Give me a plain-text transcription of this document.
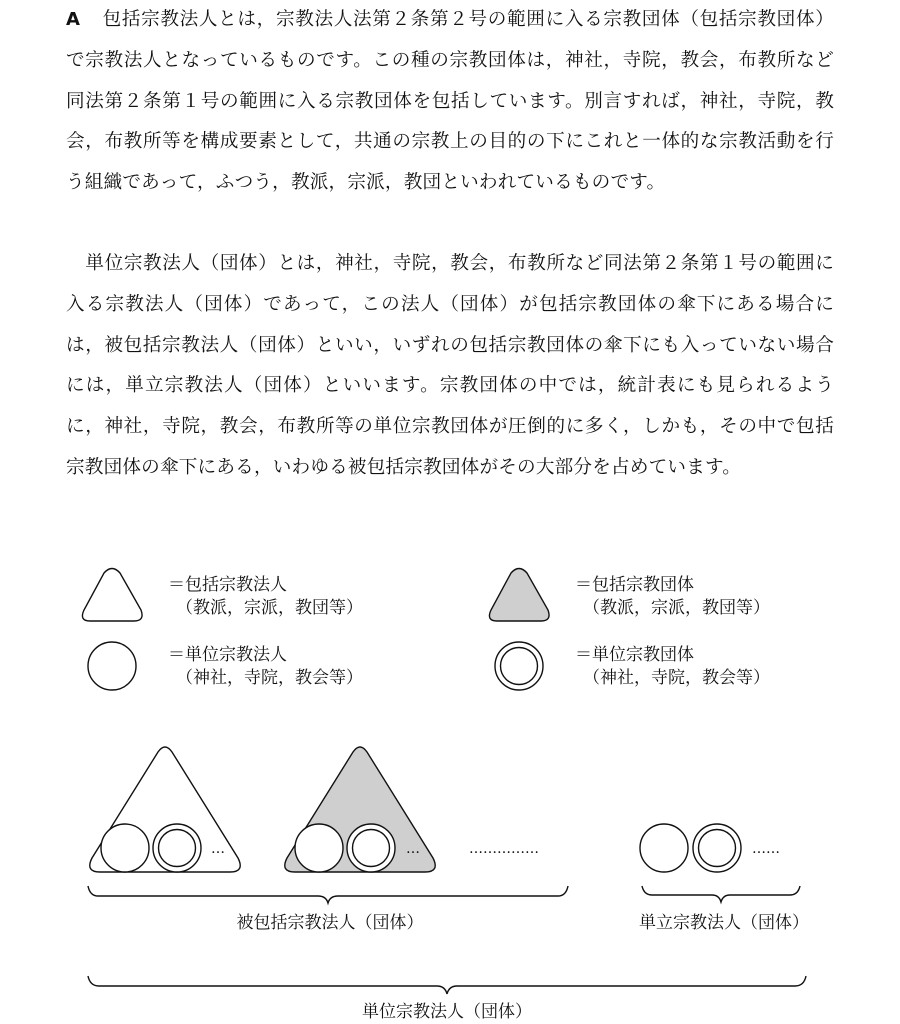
A 包括宗教法人とは，宗教法人法第２条第２号の範囲に入る宗教団体（包括宗教団体）で宗教法人となっているものです。この種の宗教団体は，神社，寺院，教会，布教所など同法第２条第１号の範囲に入る宗教団体を包括しています。別言すれば，神社，寺院，教会，布教所等を構成要素として，共通の宗教上の目的の下にこれと一体的な宗教活動を行う組織であって，ふつう，教派，宗派，教団といわれているものです。

単位宗教法人（団体）とは，神社，寺院，教会，布教所など同法第２条第１号の範囲に入る宗教法人（団体）であって，この法人（団体）が包括宗教団体の傘下にある場合には，被包括宗教法人（団体）といい，いずれの包括宗教団体の傘下にも入っていない場合には，単立宗教法人（団体）といいます。宗教団体の中では，統計表にも見られるように，神社，寺院，教会，布教所等の単位宗教団体が圧倒的に多く，しかも，その中で包括宗教団体の傘下にある，いわゆる被包括宗教団体がその大部分を占めています。

＝包括宗教法人
（教派，宗派，教団等）
＝包括宗教団体
（教派，宗派，教団等）
＝単位宗教法人
（神社，寺院，教会等）
＝単位宗教団体
（神社，寺院，教会等）
…	…	……………	……
被包括宗教法人（団体）	単立宗教法人（団体）
単位宗教法人（団体）
